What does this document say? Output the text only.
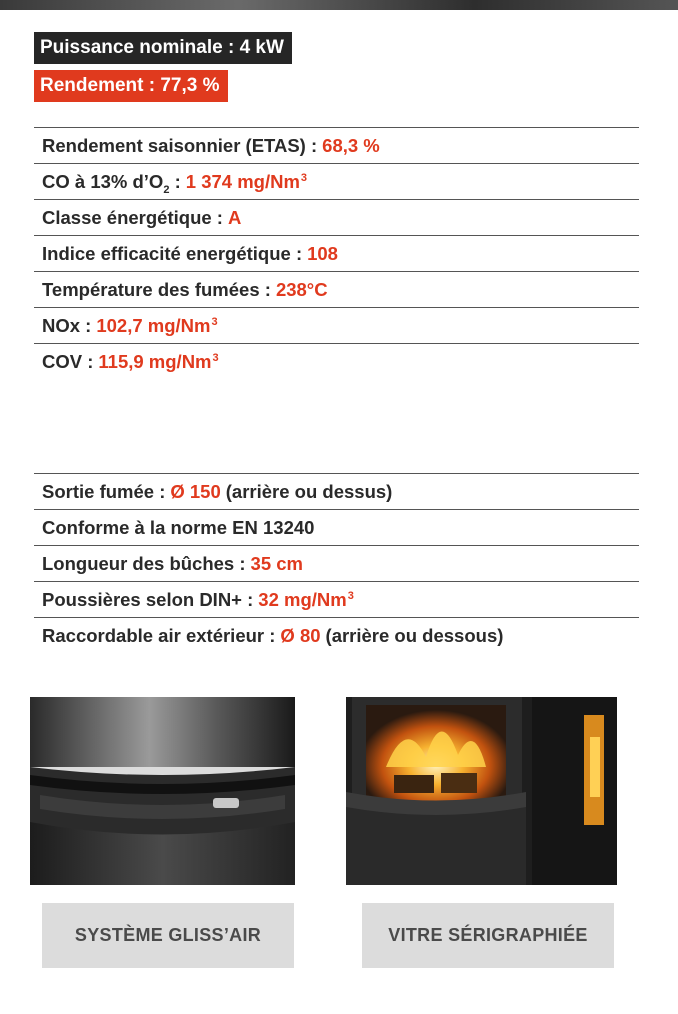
Puissance nominale : 4 kW
Rendement : 77,3 %
Rendement saisonnier (ETAS) : 68,3 %
CO à 13% $d’O_2$ : 1 374 mg/Nm$^3$
Classe énergétique : A
Indice efficacité energétique : 108
Température des fumées : 238°C
NOx : 102,7 mg/Nm$^3$
COV : 115,9 mg/Nm$^3$
Sortie fumée : Ø 150 (arrière ou dessus)
Conforme à la norme EN 13240
Longueur des bûches : 35 cm
Poussières selon DIN+ : 32 mg/Nm$^3$
Raccordable air extérieur : Ø 80 (arrière ou dessous)
SYSTÈME GLISS’AIR	VITRE SÉRIGRAPHIÉE
